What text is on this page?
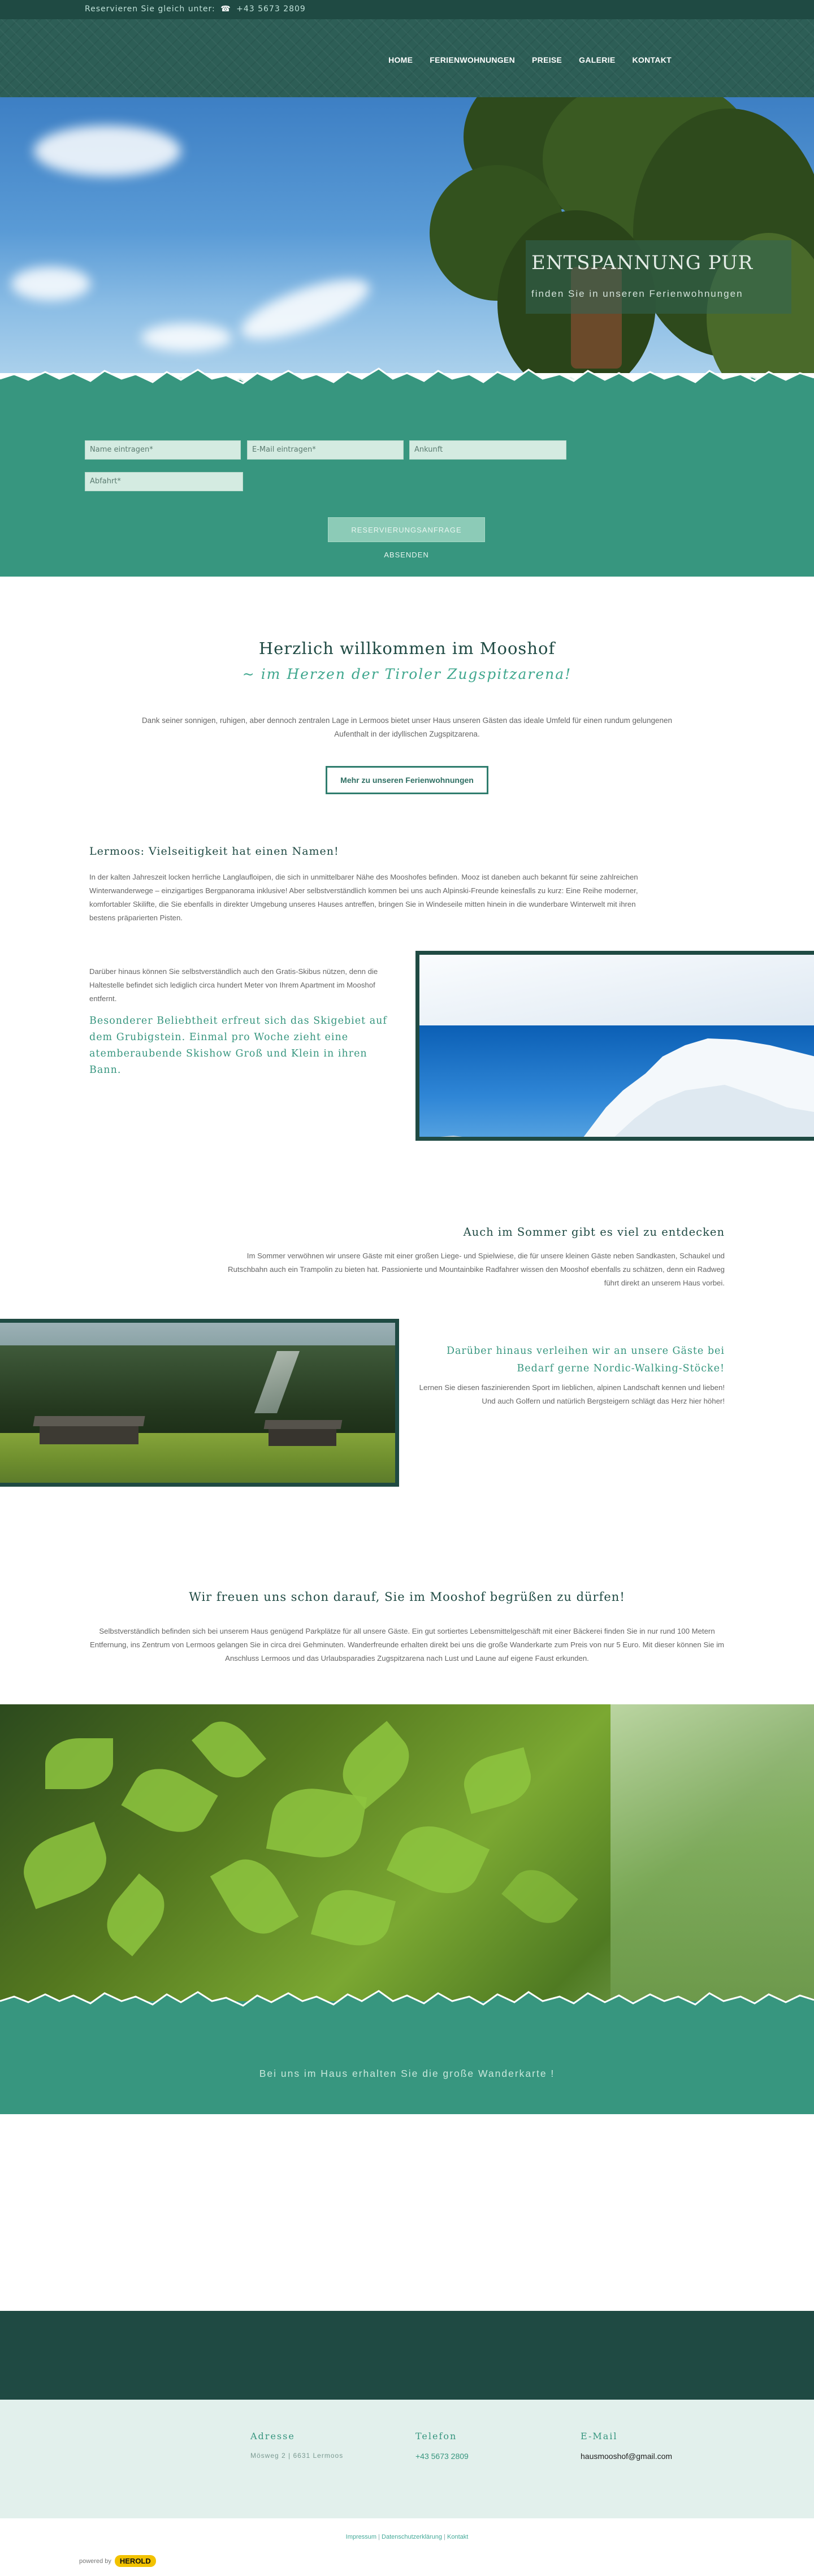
Reservieren Sie gleich unter: ☎ +43 5673 2809
HOME FERIENWOHNUNGEN PREISE GALERIE KONTAKT
ENTSPANNUNG PUR
finden Sie in unseren Ferienwohnungen
Name eintragen*	E-Mail eintragen*	Ankunft
Abfahrt*
RESERVIERUNGSANFRAGE ABSENDEN
Herzlich willkommen im Mooshof
~ im Herzen der Tiroler Zugspitzarena!
Dank seiner sonnigen, ruhigen, aber dennoch zentralen Lage in Lermoos bietet unser Haus unseren Gästen das ideale Umfeld für einen rundum gelungenen Aufenthalt in der idyllischen Zugspitzarena.
Mehr zu unseren Ferienwohnungen
Lermoos: Vielseitigkeit hat einen Namen!
In der kalten Jahreszeit locken herrliche Langlaufloipen, die sich in unmittelbarer Nähe des Mooshofes befinden. Mooz ist daneben auch bekannt für seine zahlreichen Winterwanderwege – einzigartiges Bergpanorama inklusive! Aber selbstverständlich kommen bei uns auch Alpinski-Freunde keinesfalls zu kurz: Eine Reihe moderner, komfortabler Skilifte, die Sie ebenfalls in direkter Umgebung unseres Hauses antreffen, bringen Sie in Windeseile mitten hinein in die wunderbare Winterwelt mit ihren bestens präparierten Pisten.
Darüber hinaus können Sie selbstverständlich auch den Gratis-Skibus nützen, denn die Haltestelle befindet sich lediglich circa hundert Meter von Ihrem Apartment im Mooshof entfernt.
Besonderer Beliebtheit erfreut sich das Skigebiet auf dem Grubigstein. Einmal pro Woche zieht eine atemberaubende Skishow Groß und Klein in ihren Bann.
Auch im Sommer gibt es viel zu entdecken
Im Sommer verwöhnen wir unsere Gäste mit einer großen Liege- und Spielwiese, die für unsere kleinen Gäste neben Sandkasten, Schaukel und Rutschbahn auch ein Trampolin zu bieten hat. Passionierte und Mountainbike Radfahrer wissen den Mooshof ebenfalls zu schätzen, denn ein Radweg führt direkt an unserem Haus vorbei.
Darüber hinaus verleihen wir an unsere Gäste bei Bedarf gerne Nordic-Walking-Stöcke!
Lernen Sie diesen faszinierenden Sport im lieblichen, alpinen Landschaft kennen und lieben! Und auch Golfern und natürlich Bergsteigern schlägt das Herz hier höher!
Wir freuen uns schon darauf, Sie im Mooshof begrüßen zu dürfen!
Selbstverständlich befinden sich bei unserem Haus genügend Parkplätze für all unsere Gäste. Ein gut sortiertes Lebensmittelgeschäft mit einer Bäckerei finden Sie in nur rund 100 Metern Entfernung, ins Zentrum von Lermoos gelangen Sie in circa drei Gehminuten. Wanderfreunde erhalten direkt bei uns die große Wanderkarte zum Preis von nur 5 Euro. Mit dieser können Sie im Anschluss Lermoos und das Urlaubsparadies Zugspitzarena nach Lust und Laune auf eigene Faust erkunden.
Bei uns im Haus erhalten Sie die große Wanderkarte !
Adresse
Mösweg 2 | 6631 Lermoos
Telefon
+43 5673 2809
E-Mail
hausmooshof@gmail.com
Impressum | Datenschutzerklärung | Kontakt
powered by	HEROLD
